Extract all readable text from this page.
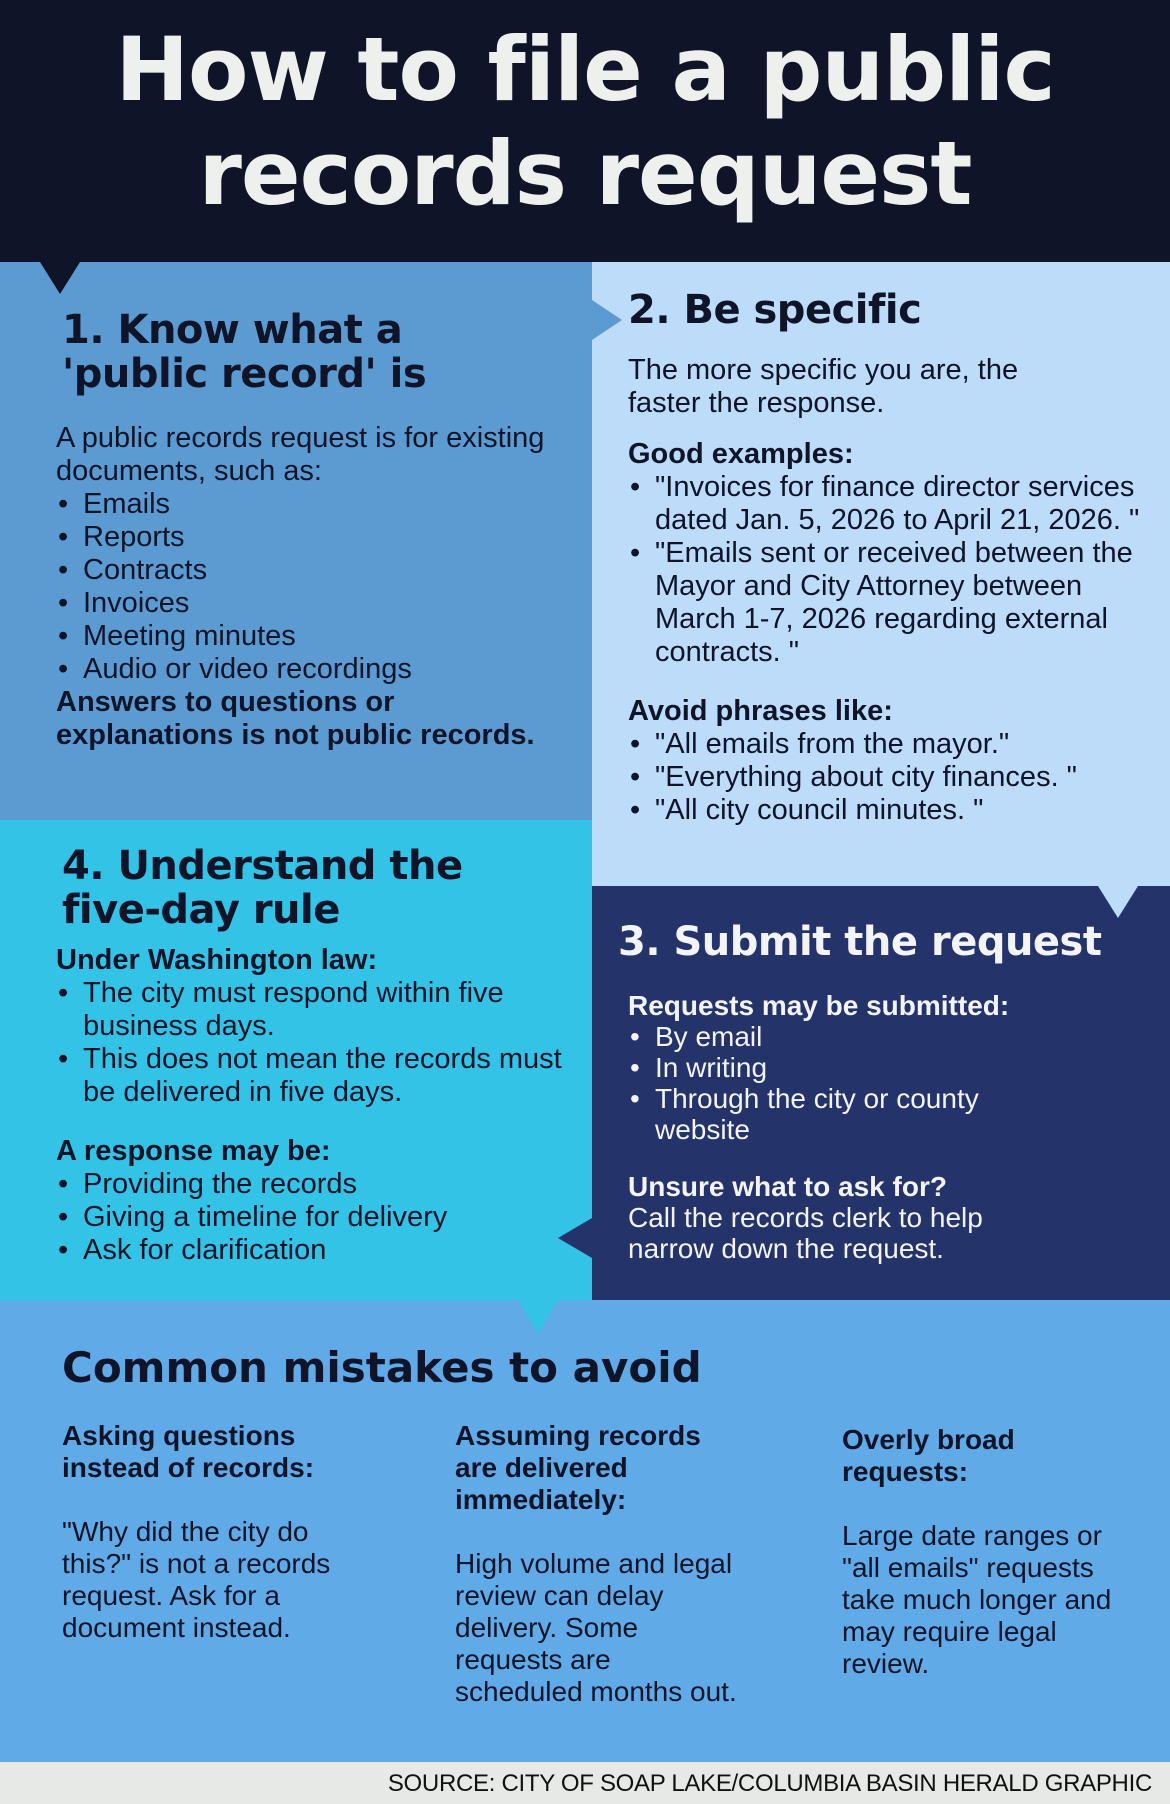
How to file a public
records request
1. Know what a
'public record' is
A public records request is for existing documents, such as:
• Emails
• Reports
• Contracts
• Invoices
• Meeting minutes
• Audio or video recordings
Answers to questions or explanations is not public records.
2. Be specific
The more specific you are, the faster the response.
Good examples:
• "Invoices for finance director services dated Jan. 5, 2026 to April 21, 2026. "
• "Emails sent or received between the Mayor and City Attorney between March 1-7, 2026 regarding external contracts. "
Avoid phrases like:
• "All emails from the mayor."
• "Everything about city finances. "
• "All city council minutes. "
4. Understand the
five-day rule
Under Washington law:
• The city must respond within five business days.
• This does not mean the records must be delivered in five days.
A response may be:
• Providing the records
• Giving a timeline for delivery
• Ask for clarification
3. Submit the request
Requests may be submitted:
• By email
• In writing
• Through the city or county website
Unsure what to ask for?
Call the records clerk to help narrow down the request.
Common mistakes to avoid
Asking questions instead of records:
"Why did the city do this?" is not a records request. Ask for a document instead.
Assuming records are delivered immediately:
High volume and legal review can delay delivery. Some requests are scheduled months out.
Overly broad requests:
Large date ranges or "all emails" requests take much longer and may require legal review.
SOURCE: CITY OF SOAP LAKE/COLUMBIA BASIN HERALD GRAPHIC
